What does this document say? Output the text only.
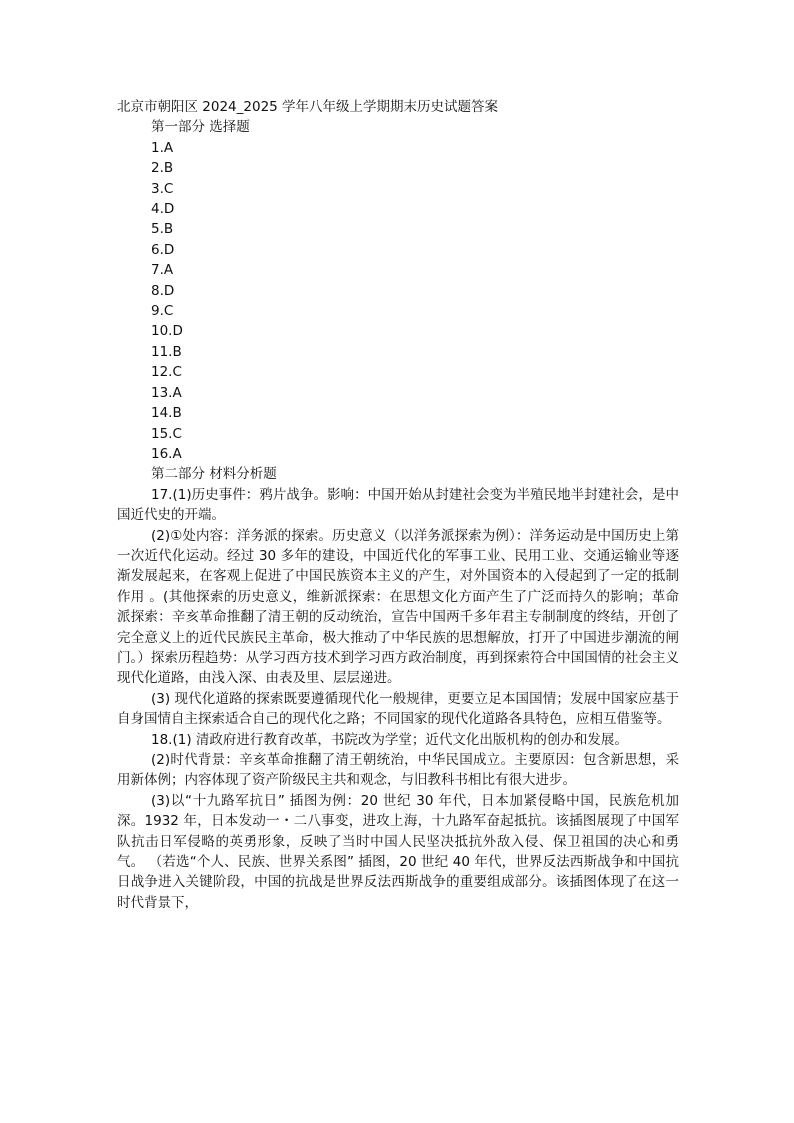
北京市朝阳区 2024_2025 学年八年级上学期期末历史试题答案
第一部分 选择题
1.A
2.B
3.C
4.D
5.B
6.D
7.A
8.D
9.C
10.D
11.B
12.C
13.A
14.B
15.C
16.A
第二部分 材料分析题

17.(1)历史事件：鸦片战争。影响：中国开始从封建社会变为半殖民地半封建社会，是中国近代史的开端。

(2)①处内容：洋务派的探索。历史意义（以洋务派探索为例）：洋务运动是中国历史上第一次近代化运动。经过 30 多年的建设，中国近代化的军事工业、民用工业、交通运输业等逐渐发展起来，在客观上促进了中国民族资本主义的产生，对外国资本的入侵起到了一定的抵制作用 。(其他探索的历史意义，维新派探索：在思想文化方面产生了广泛而持久的影响；革命派探索：辛亥革命推翻了清王朝的反动统治，宣告中国两千多年君主专制制度的终结，开创了完全意义上的近代民族民主革命，极大推动了中华民族的思想解放，打开了中国进步潮流的闸门。）探索历程趋势：从学习西方技术到学习西方政治制度，再到探索符合中国国情的社会主义现代化道路，由浅入深、由表及里、层层递进。

(3) 现代化道路的探索既要遵循现代化一般规律，更要立足本国国情；发展中国家应基于自身国情自主探索适合自己的现代化之路；不同国家的现代化道路各具特色，应相互借鉴等。

18.(1) 清政府进行教育改革，书院改为学堂；近代文化出版机构的创办和发展。

(2)时代背景：辛亥革命推翻了清王朝统治，中华民国成立。主要原因：包含新思想，采用新体例；内容体现了资产阶级民主共和观念，与旧教科书相比有很大进步。

(3)以“十九路军抗日” 插图为例：20 世纪 30 年代，日本加紧侵略中国，民族危机加深。1932 年，日本发动一・二八事变，进攻上海，十九路军奋起抵抗。该插图展现了中国军队抗击日军侵略的英勇形象，反映了当时中国人民坚决抵抗外敌入侵、保卫祖国的决心和勇气。 （若选“个人、民族、世界关系图” 插图，20 世纪 40 年代，世界反法西斯战争和中国抗日战争进入关键阶段，中国的抗战是世界反法西斯战争的重要组成部分。该插图体现了在这一时代背景下，
